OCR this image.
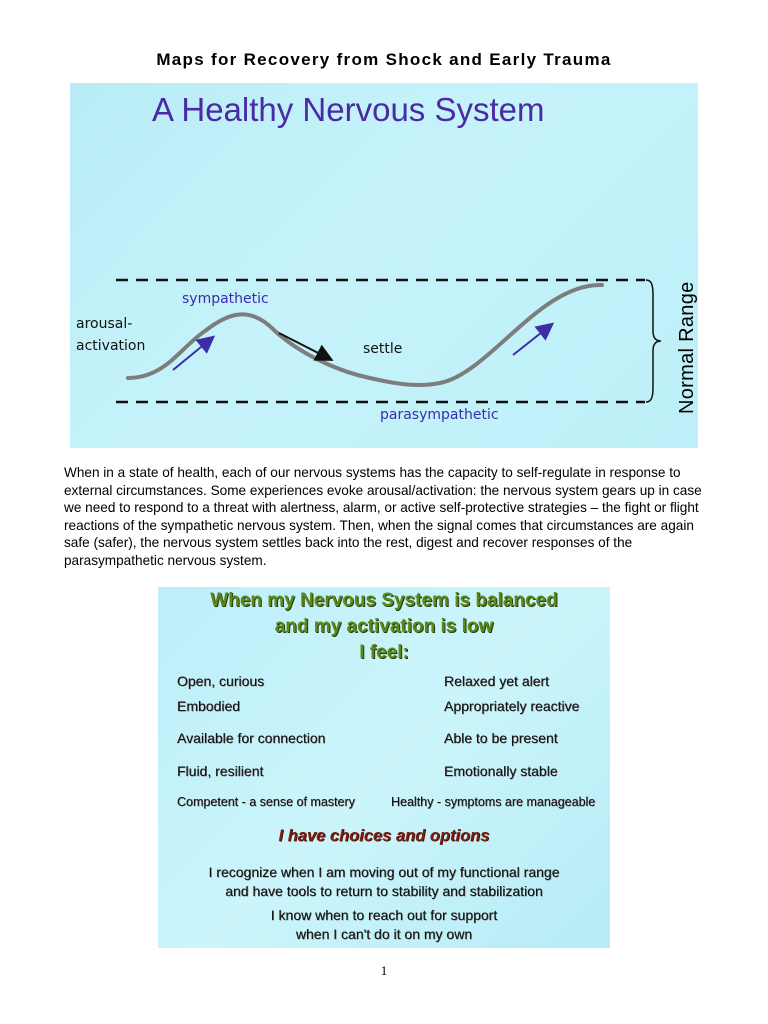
Maps for Recovery from Shock and Early Trauma
A Healthy Nervous System
sympathetic
arousal-
activation	settle
parasympathetic
Normal Range

When in a state of health, each of our nervous systems has the capacity to self-regulate in response to external circumstances. Some experiences evoke arousal/activation: the nervous system gears up in case we need to respond to a threat with alertness, alarm, or active self-protective strategies – the fight or flight reactions of the sympathetic nervous system. Then, when the signal comes that circumstances are again safe (safer), the nervous system settles back into the rest, digest and recover responses of the parasympathetic nervous system.

When my Nervous System is balanced
and my activation is low
I feel:
Open, curious
Embodied
Available for connection
Fluid, resilient
Competent - a sense of mastery
Relaxed yet alert
Appropriately reactive
Able to be present
Emotionally stable
Healthy - symptoms are manageable
I have choices and options
I recognize when I am moving out of my functional range
and have tools to return to stability and stabilization
I know when to reach out for support
when I can't do it on my own
1
